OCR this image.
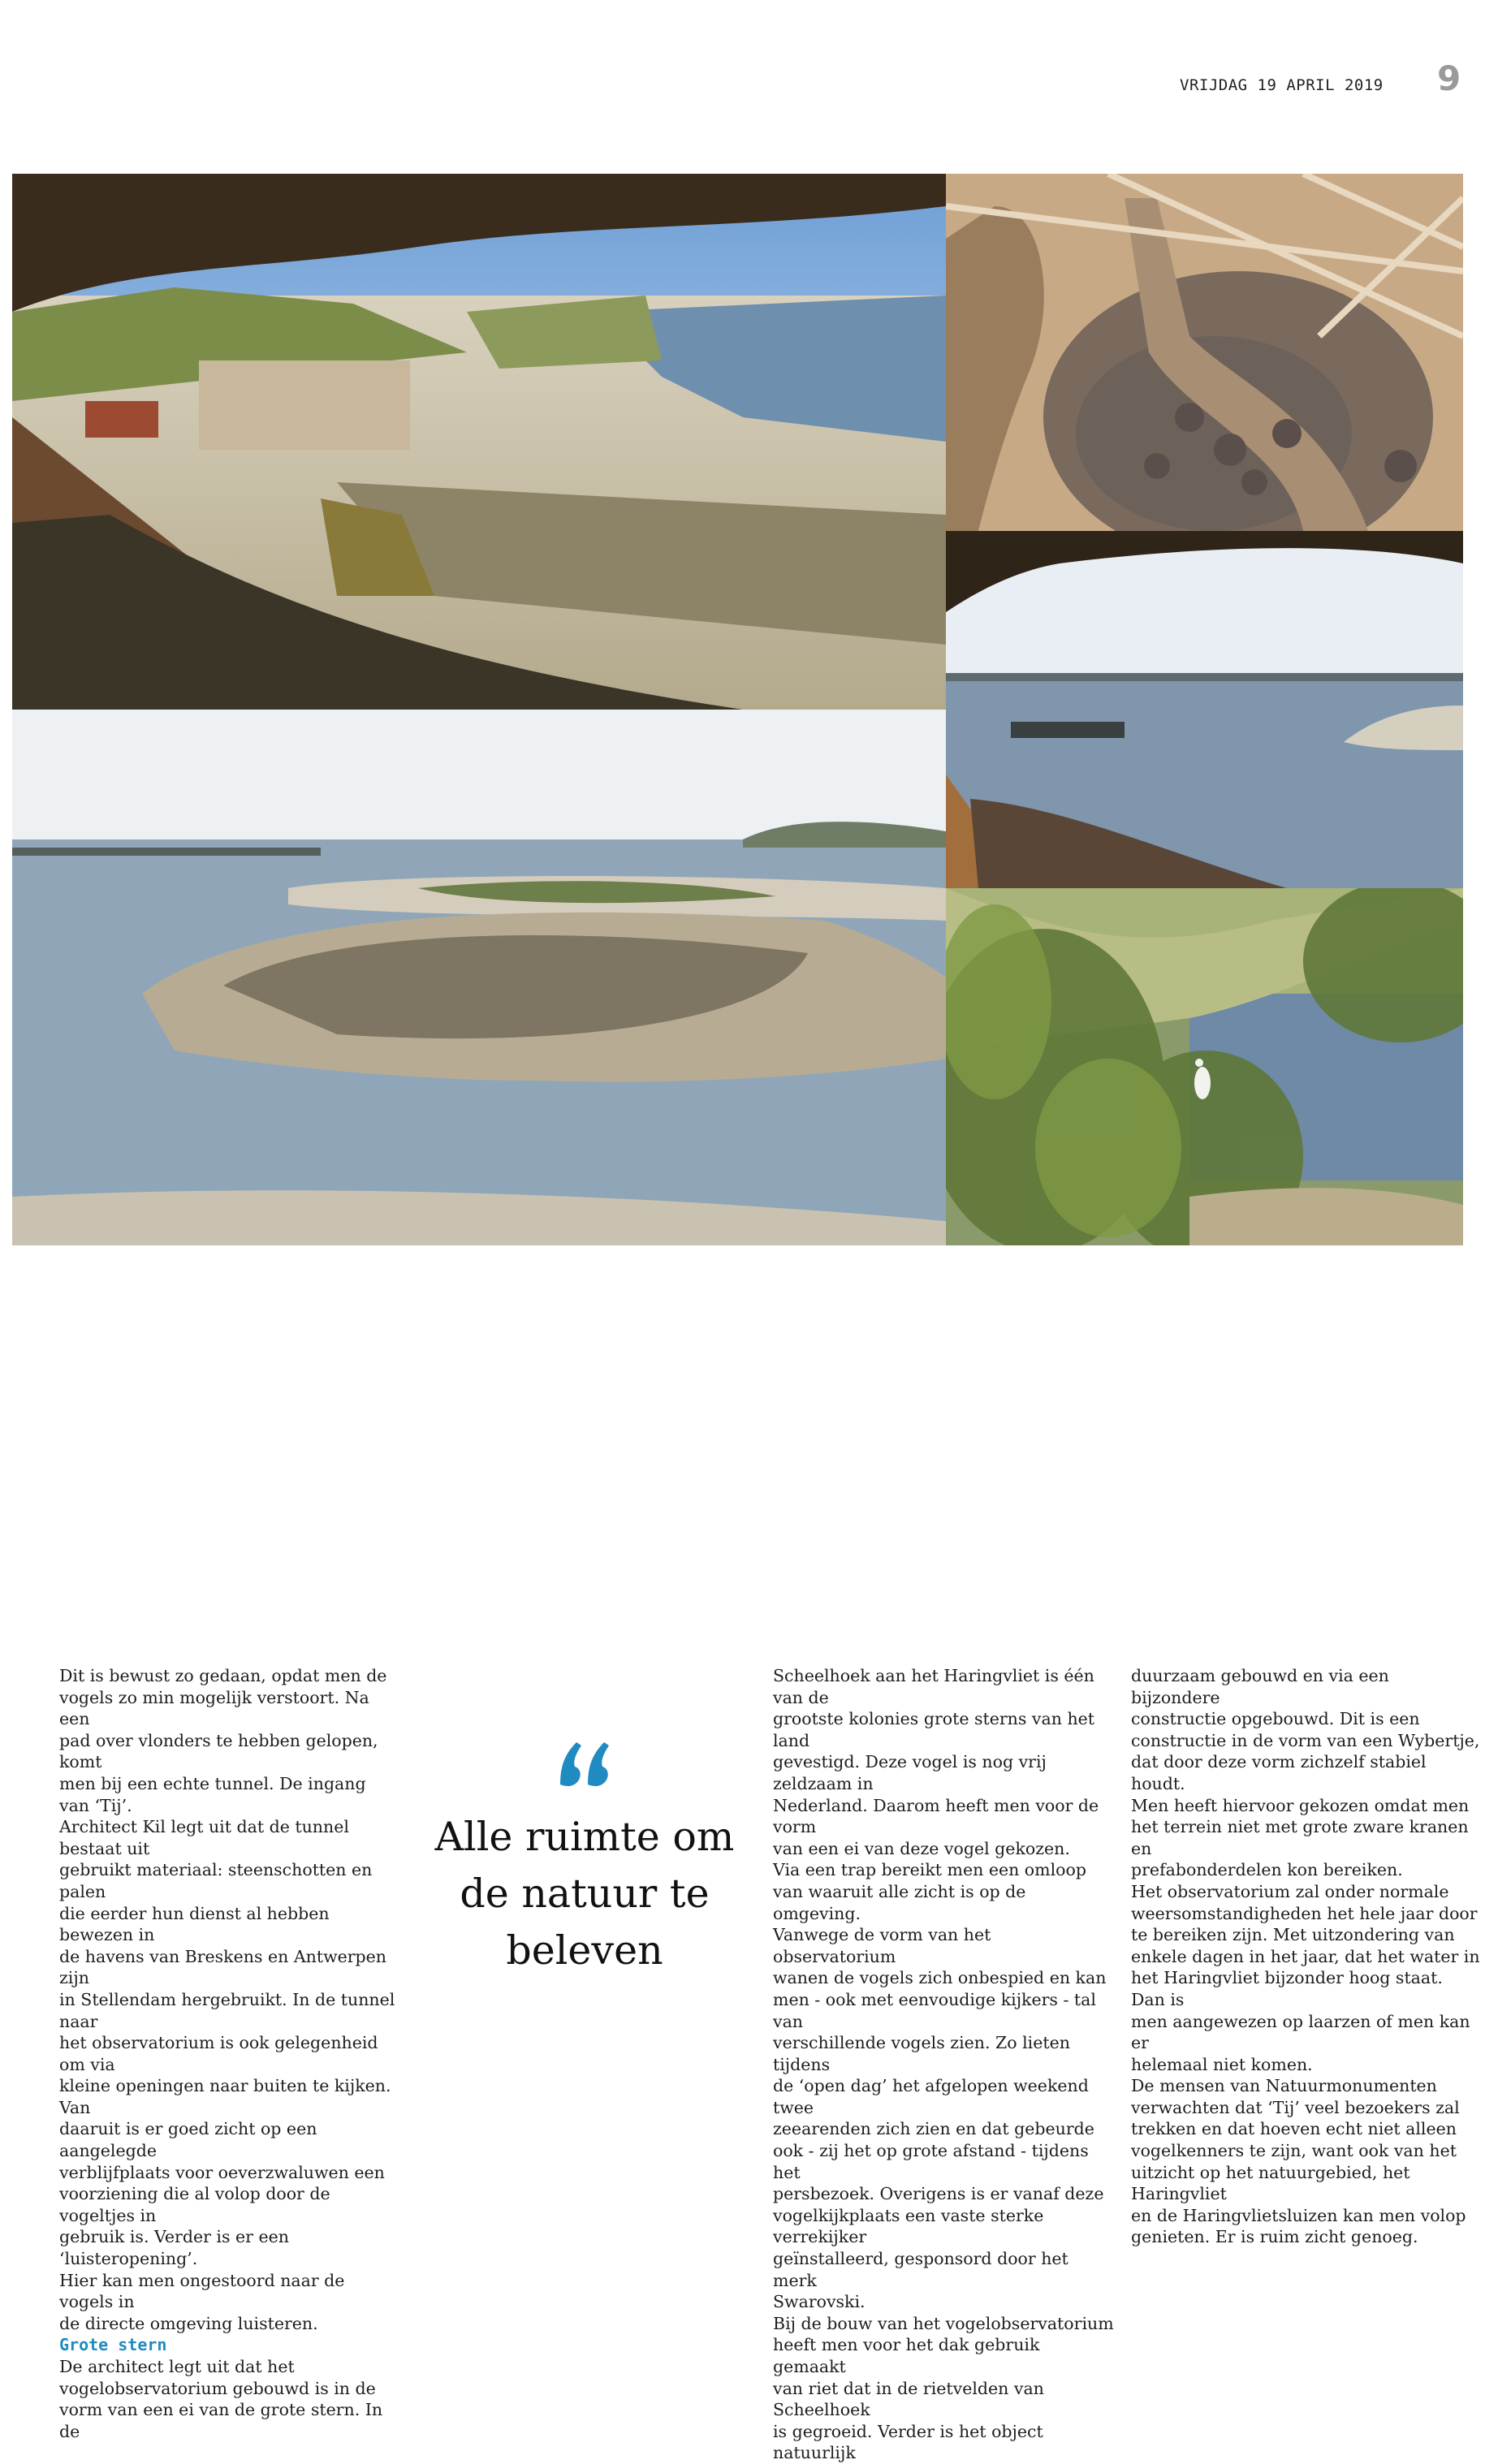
VRIJDAG 19 APRIL 2019 9

Dit is bewust zo gedaan, opdat men de

vogels zo min mogelijk verstoort. Na een

pad over vlonders te hebben gelopen, komt

men bij een echte tunnel. De ingang van ‘Tij’.

Architect Kil legt uit dat de tunnel bestaat uit

gebruikt materiaal: steenschotten en palen

die eerder hun dienst al hebben bewezen in

de havens van Breskens en Antwerpen zijn

in Stellendam hergebruikt. In de tunnel naar

het observatorium is ook gelegenheid om via

kleine openingen naar buiten te kijken. Van

daaruit is er goed zicht op een aangelegde

verblijfplaats voor oeverzwaluwen een

voorziening die al volop door de vogeltjes in

gebruik is. Verder is er een ‘luisteropening’.

Hier kan men ongestoord naar de vogels in

de directe omgeving luisteren.

Grote stern

De architect legt uit dat het

vogelobservatorium gebouwd is in de

vorm van een ei van de grote stern. In de

Alle ruimte om
de natuur te
beleven

Scheelhoek aan het Haringvliet is één van de

grootste kolonies grote sterns van het land

gevestigd. Deze vogel is nog vrij zeldzaam in

Nederland. Daarom heeft men voor de vorm

van een ei van deze vogel gekozen.

Via een trap bereikt men een omloop

van waaruit alle zicht is op de omgeving.

Vanwege de vorm van het observatorium

wanen de vogels zich onbespied en kan

men - ook met eenvoudige kijkers - tal van

verschillende vogels zien. Zo lieten tijdens

de ‘open dag’ het afgelopen weekend twee

zeearenden zich zien en dat gebeurde

ook - zij het op grote afstand - tijdens het

persbezoek. Overigens is er vanaf deze

vogelkijkplaats een vaste sterke verrekijker

geïnstalleerd, gesponsord door het merk

Swarovski.

Bij de bouw van het vogelobservatorium

heeft men voor het dak gebruik gemaakt

van riet dat in de rietvelden van Scheelhoek

is gegroeid. Verder is het object natuurlijk

duurzaam gebouwd en via een bijzondere

constructie opgebouwd. Dit is een

constructie in de vorm van een Wybertje,

dat door deze vorm zichzelf stabiel houdt.

Men heeft hiervoor gekozen omdat men

het terrein niet met grote zware kranen en

prefabonderdelen kon bereiken.

Het observatorium zal onder normale

weersomstandigheden het hele jaar door

te bereiken zijn. Met uitzondering van

enkele dagen in het jaar, dat het water in

het Haringvliet bijzonder hoog staat. Dan is

men aangewezen op laarzen of men kan er

helemaal niet komen.

De mensen van Natuurmonumenten

verwachten dat ‘Tij’ veel bezoekers zal

trekken en dat hoeven echt niet alleen

vogelkenners te zijn, want ook van het

uitzicht op het natuurgebied, het Haringvliet

en de Haringvlietsluizen kan men volop

genieten. Er is ruim zicht genoeg.
